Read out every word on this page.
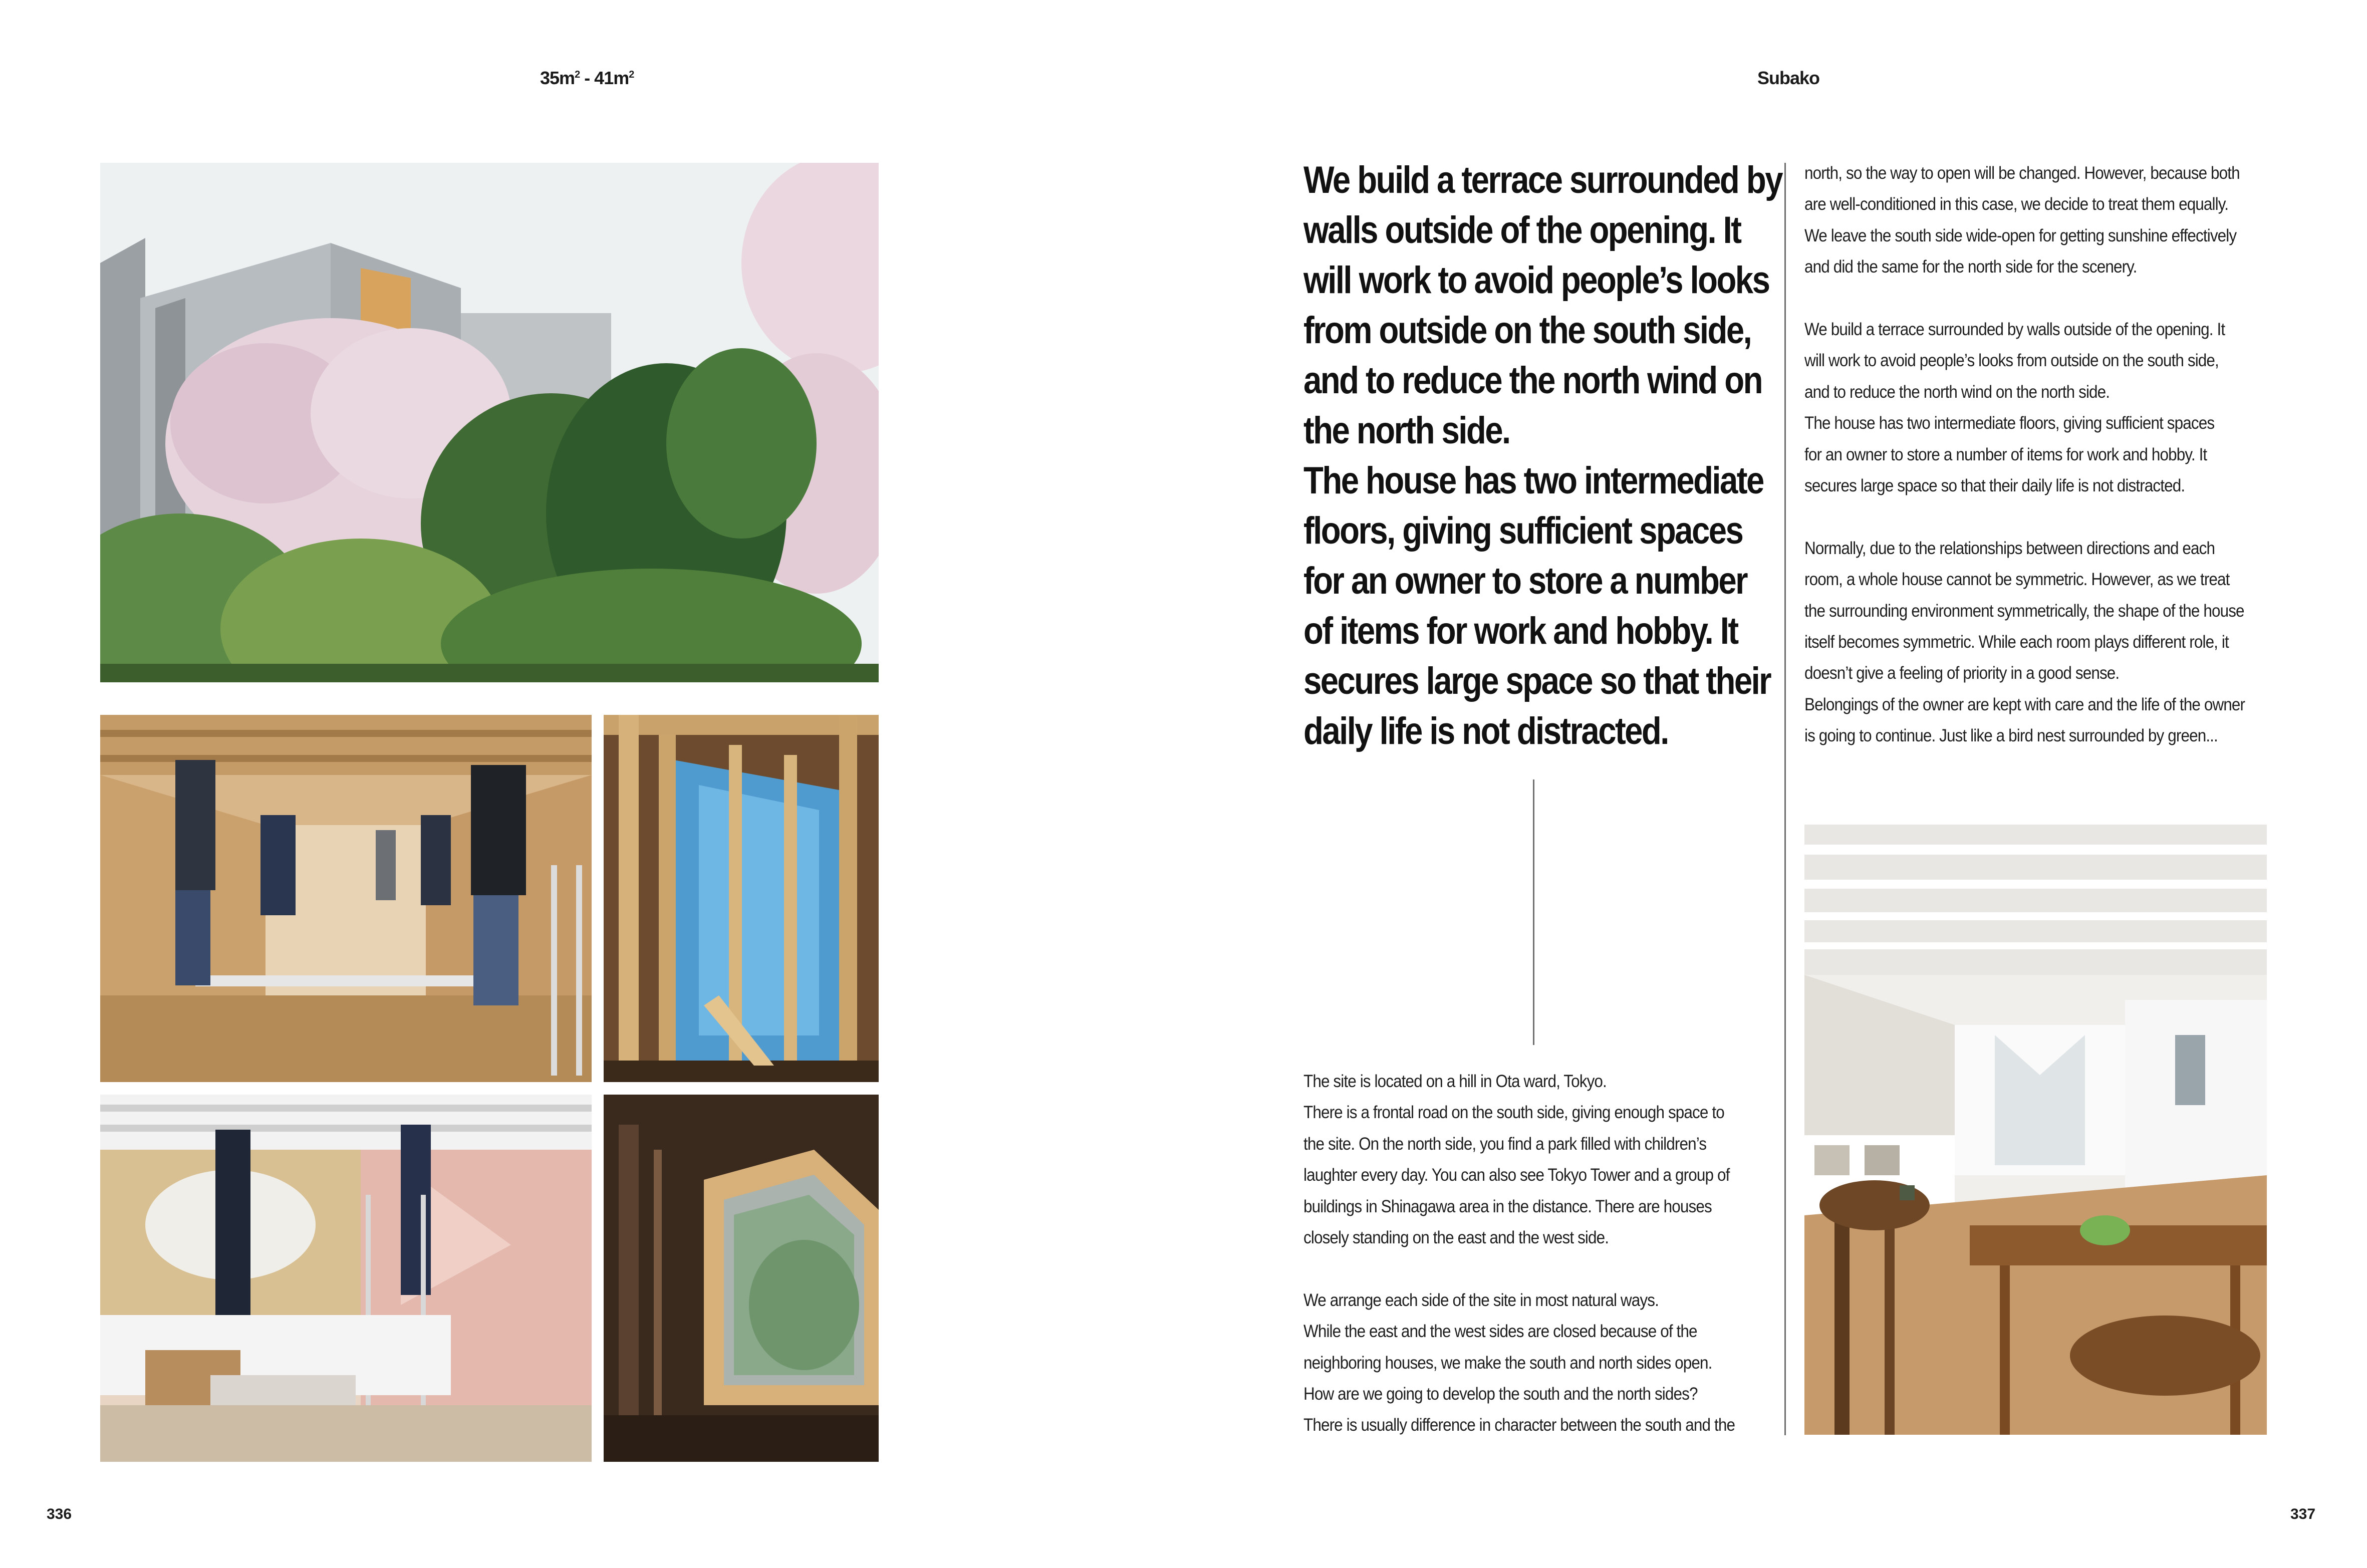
$35m^2 - 41m^2$	Subako
336	337

We build a terrace surrounded by

walls outside of the opening. It

will work to avoid people’s looks

from outside on the south side,

and to reduce the north wind on

the north side.

The house has two intermediate

floors, giving sufficient spaces

for an owner to store a number

of items for work and hobby. It

secures large space so that their

daily life is not distracted.

The site is located on a hill in Ota ward, Tokyo.

There is a frontal road on the south side, giving enough space to

the site. On the north side, you find a park filled with children’s

laughter every day. You can also see Tokyo Tower and a group of

buildings in Shinagawa area in the distance. There are houses

closely standing on the east and the west side.

We arrange each side of the site in most natural ways.

While the east and the west sides are closed because of the

neighboring houses, we make the south and north sides open.

How are we going to develop the south and the north sides?

There is usually difference in character between the south and the

north, so the way to open will be changed. However, because both

are well-conditioned in this case, we decide to treat them equally.

We leave the south side wide-open for getting sunshine effectively

and did the same for the north side for the scenery.

We build a terrace surrounded by walls outside of the opening. It

will work to avoid people’s looks from outside on the south side,

and to reduce the north wind on the north side.

The house has two intermediate floors, giving sufficient spaces

for an owner to store a number of items for work and hobby. It

secures large space so that their daily life is not distracted.

Normally, due to the relationships between directions and each

room, a whole house cannot be symmetric. However, as we treat

the surrounding environment symmetrically, the shape of the house

itself becomes symmetric. While each room plays different role, it

doesn’t give a feeling of priority in a good sense.

Belongings of the owner are kept with care and the life of the owner

is going to continue. Just like a bird nest surrounded by green...
